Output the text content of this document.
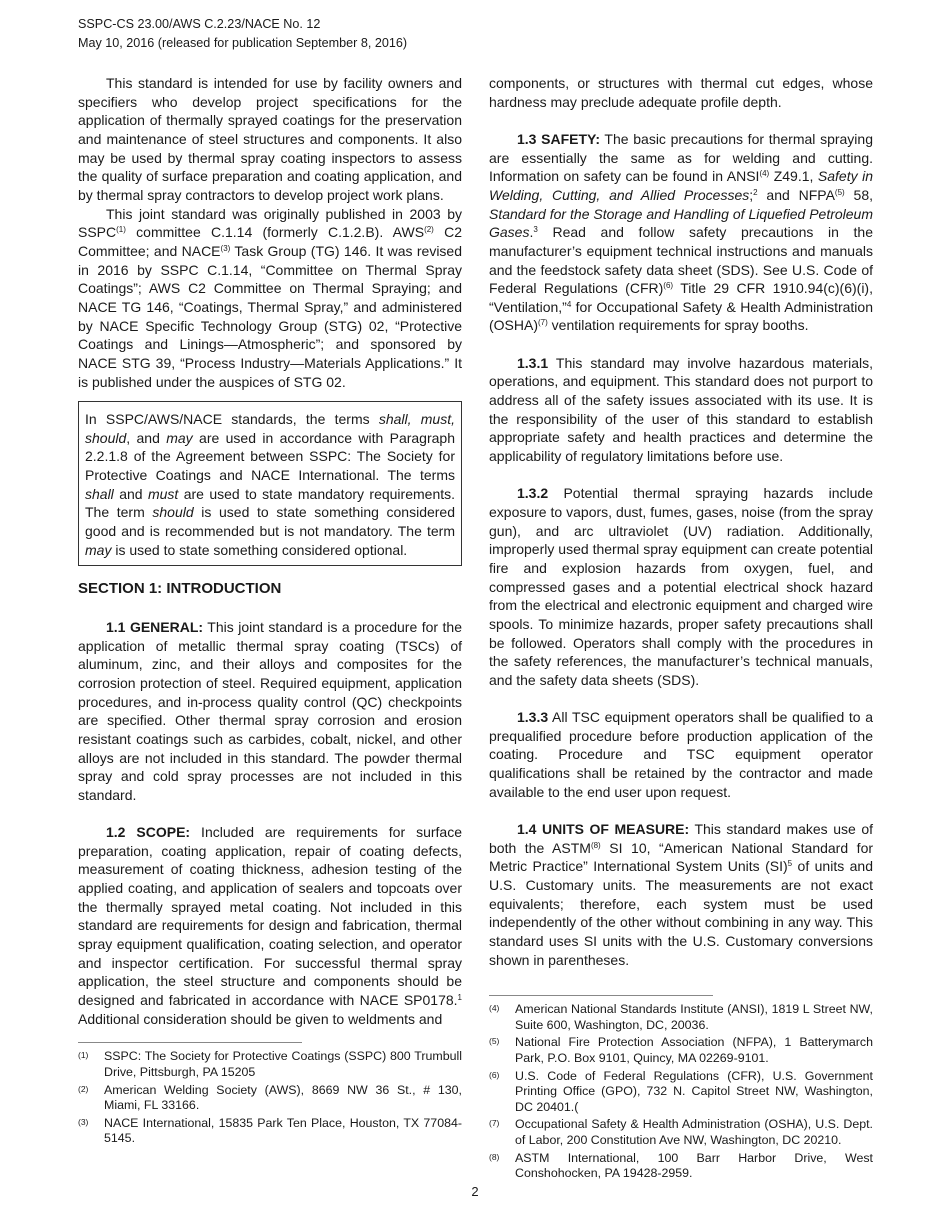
SSPC-CS 23.00/AWS C.2.23/NACE No. 12
May 10, 2016 (released for publication September 8, 2016)

This standard is intended for use by facility owners and specifiers who develop project specifications for the application of thermally sprayed coatings for the preservation and maintenance of steel structures and components. It also may be used by thermal spray coating inspectors to assess the quality of surface preparation and coating application, and by thermal spray contractors to develop project work plans.

This joint standard was originally published in 2003 by SSPC$^{(1)}$ committee C.1.14 (formerly C.1.2.B). AWS$^{(2)}$ C2 Committee; and NACE$^{(3)}$ Task Group (TG) 146. It was revised in 2016 by SSPC C.1.14, “Committee on Thermal Spray Coatings”; AWS C2 Committee on Thermal Spraying; and NACE TG 146, “Coatings, Thermal Spray,” and administered by NACE Specific Technology Group (STG) 02, “Protective Coatings and Linings—Atmospheric”; and sponsored by NACE STG 39, “Process Industry—Materials Applications.” It is published under the auspices of STG 02.

In SSPC/AWS/NACE standards, the terms shall, must, should, and may are used in accordance with Paragraph 2.2.1.8 of the Agreement between SSPC: The Society for Protective Coatings and NACE International. The terms shall and must are used to state mandatory requirements. The term should is used to state something considered good and is recommended but is not mandatory. The term may is used to state something considered optional.

SECTION 1: INTRODUCTION

1.1 GENERAL: This joint standard is a procedure for the application of metallic thermal spray coating (TSCs) of aluminum, zinc, and their alloys and composites for the corrosion protection of steel. Required equipment, application procedures, and in-process quality control (QC) checkpoints are specified. Other thermal spray corrosion and erosion resistant coatings such as carbides, cobalt, nickel, and other alloys are not included in this standard. The powder thermal spray and cold spray processes are not included in this standard.

1.2 SCOPE: Included are requirements for surface preparation, coating application, repair of coating defects, measurement of coating thickness, adhesion testing of the applied coating, and application of sealers and topcoats over the thermally sprayed metal coating. Not included in this standard are requirements for design and fabrication, thermal spray equipment qualification, coating selection, and operator and inspector certification. For successful thermal spray application, the steel structure and components should be designed and fabricated in accordance with NACE SP0178.$^1$ Additional consideration should be given to weldments and

(1)	SSPC: The Society for Protective Coatings (SSPC) 800 Trumbull Drive, Pittsburgh, PA 15205
(2)	American Welding Society (AWS), 8669 NW 36 St., # 130, Miami, FL 33166.
(3)	NACE International, 15835 Park Ten Place, Houston, TX 77084-5145.

components, or structures with thermal cut edges, whose hardness may preclude adequate profile depth.

1.3 SAFETY: The basic precautions for thermal spraying are essentially the same as for welding and cutting. Information on safety can be found in ANSI$^{(4)}$ Z49.1, Safety in Welding, Cutting, and Allied Processes;$^2$ and NFPA$^{(5)}$ 58, Standard for the Storage and Handling of Liquefied Petroleum Gases.$^3$ Read and follow safety precautions in the manufacturer’s equipment technical instructions and manuals and the feedstock safety data sheet (SDS). See U.S. Code of Federal Regulations (CFR)$^{(6)}$ Title 29 CFR 1910.94(c)(6)(i), “Ventilation,”$^4$ for Occupational Safety & Health Administration (OSHA)$^{(7)}$ ventilation requirements for spray booths.

1.3.1 This standard may involve hazardous materials, operations, and equipment. This standard does not purport to address all of the safety issues associated with its use. It is the responsibility of the user of this standard to establish appropriate safety and health practices and determine the applicability of regulatory limitations before use.

1.3.2 Potential thermal spraying hazards include exposure to vapors, dust, fumes, gases, noise (from the spray gun), and arc ultraviolet (UV) radiation. Additionally, improperly used thermal spray equipment can create potential fire and explosion hazards from oxygen, fuel, and compressed gases and a potential electrical shock hazard from the electrical and electronic equipment and charged wire spools. To minimize hazards, proper safety precautions shall be followed. Operators shall comply with the procedures in the safety references, the manufacturer’s technical manuals, and the safety data sheets (SDS).

1.3.3 All TSC equipment operators shall be qualified to a prequalified procedure before production application of the coating. Procedure and TSC equipment operator qualifications shall be retained by the contractor and made available to the end user upon request.

1.4 UNITS OF MEASURE: This standard makes use of both the ASTM$^{(8)}$ SI 10, “American National Standard for Metric Practice” International System Units (SI)$^5$ of units and U.S. Customary units. The measurements are not exact equivalents; therefore, each system must be used independently of the other without combining in any way. This standard uses SI units with the U.S. Customary conversions shown in parentheses.

(4)	American National Standards Institute (ANSI), 1819 L Street NW, Suite 600, Washington, DC, 20036.
(5)	National Fire Protection Association (NFPA), 1 Batterymarch Park, P.O. Box 9101, Quincy, MA 02269-9101.
(6)	U.S. Code of Federal Regulations (CFR), U.S. Government Printing Office (GPO), 732 N. Capitol Street NW, Washington, DC 20401.(
(7)	Occupational Safety & Health Administration (OSHA), U.S. Dept. of Labor, 200 Constitution Ave NW, Washington, DC 20210.
(8)	ASTM International, 100 Barr Harbor Drive, West Conshohocken, PA 19428-2959.
2
